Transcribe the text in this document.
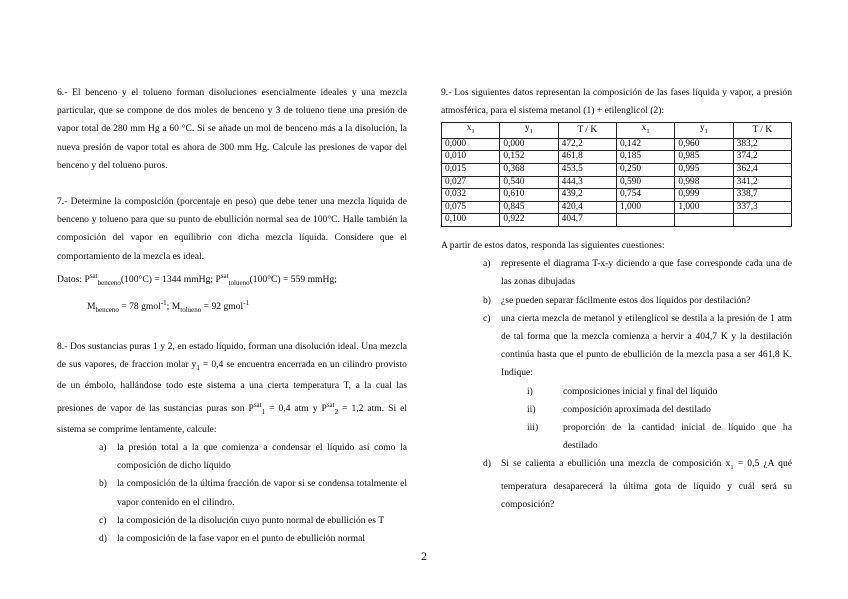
6.- El benceno y el tolueno forman disoluciones esencialmente ideales y una mezcla particular, que se compone de dos moles de benceno y 3 de tolueno tiene una presión de vapor total de 280 mm Hg a 60 °C. Si se añade un mol de benceno más a la disolución, la nueva presión de vapor total es ahora de 300 mm Hg. Calcule las presiones de vapor del benceno y del tolueno puros.

7.- Determine la composición (porcentaje en peso) que debe tener una mezcla líquida de benceno y tolueno para que su punto de ebullición normal sea de 100°C. Halle también la composición del vapor en equilibrio con dicha mezcla líquida. Considere que el comportamiento de la mezcla es ideal.

Datos: $P^{sat}_{benceno}(100^\circ C) = 1344$ mmHg; $P^{sat}_{tolueno}(100^\circ C) = 559$ mmHg;
$M_{benceno} = 78$ gmol$^{-1}$; $M_{tolueno} = 92$ gmol$^{-1}$

8.- Dos sustancias puras 1 y 2, en estado líquido, forman una disolución ideal. Una mezcla de sus vapores, de fraccion molar $y_1 = 0,4$ se encuentra encerrada en un cilindro provisto de un émbolo, hallándose todo este sistema a una cierta temperatura T, a la cual las presiones de vapor de las sustancias puras son $P^{sat}_1 = 0,4$ atm y $P^{sat}_2 = 1,2$ atm. Si el sistema se comprime lentamente, calcule:

a)	la presión total a la que comienza a condensar el líquido así como la composición de dicho líquido
b)	la composición de la última fracción de vapor si se condensa totalmente el vapor contenido en el cilindro.
c)	la composición de la disolución cuyo punto normal de ebullición es T
d)	la composición de la fase vapor en el punto de ebullición normal

9.- Los siguientes datos representan la composición de las fases líquida y vapor, a presión atmosférica, para el sistema metanol (1) + etilenglicol (2):

$x_1$	$y_1$	T / K	$x_1$	$y_1$	T / K
0,000	0,000	472,2	0,142	0,960	383,2
0,010	0,152	461,8	0,185	0,985	374,2
0,015	0,368	453,5	0,250	0,995	362,4
0,027	0,540	444,3	0,590	0,998	341,2
0,032	0,610	439,2	0,754	0,999	338,7
0,075	0,845	420,4	1,000	1,000	337,3
0,100	0,922	404,7			

A partir de estos datos, responda las siguientes cuestiones:

a)	represente el diagrama T-x-y diciendo a que fase corresponde cada una de las zonas dibujadas
b)	¿se pueden separar fácilmente estos dos líquidos por destilación?
c)	una cierta mezcla de metanol y etilenglicol se destila a la presión de 1 atm de tal forma que la mezcla comienza a hervir a 404,7 K y la destilación continúa hasta que el punto de ebullición de la mezcla pasa a ser 461,8 K. Indique:
i)	composiciones inicial y final del líquido
ii)	composición aproximada del destilado
iii)	proporción de la cantidad inicial de líquido que ha destilado
d)	Si se calienta a ebullición una mezcla de composición $x_1 = 0,5$ ¿A qué temperatura desaparecerá la última gota de líquido y cuál será su composición?
2
